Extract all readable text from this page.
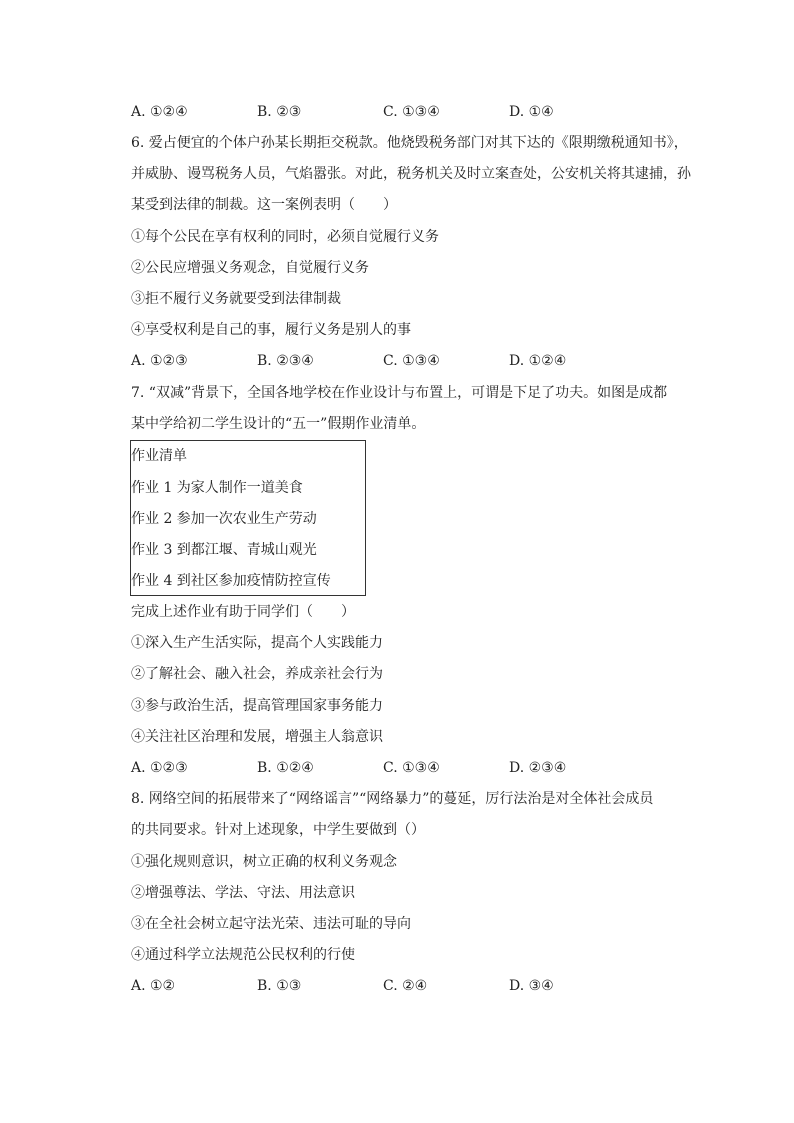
A. ①②④	B. ②③	C. ①③④	D. ①④
6. 爱占便宜的个体户孙某长期拒交税款。他烧毁税务部门对其下达的《限期缴税通知书》，
并威胁、谩骂税务人员，气焰嚣张。对此，税务机关及时立案查处，公安机关将其逮捕，孙
某受到法律的制裁。这一案例表明（　　）
①每个公民在享有权利的同时，必须自觉履行义务
②公民应增强义务观念，自觉履行义务
③拒不履行义务就要受到法律制裁
④享受权利是自己的事，履行义务是别人的事
A. ①②③	B. ②③④	C. ①③④	D. ①②④
7. “双减”背景下，全国各地学校在作业设计与布置上，可谓是下足了功夫。如图是成都
某中学给初二学生设计的“五一”假期作业清单。
作业清单
作业 1 为家人制作一道美食
作业 2 参加一次农业生产劳动
作业 3 到都江堰、青城山观光
作业 4 到社区参加疫情防控宣传
完成上述作业有助于同学们（　　）
①深入生产生活实际，提高个人实践能力
②了解社会、融入社会，养成亲社会行为
③参与政治生活，提高管理国家事务能力
④关注社区治理和发展，增强主人翁意识
A. ①②③	B. ①②④	C. ①③④	D. ②③④
8. 网络空间的拓展带来了“网络谣言”“网络暴力”的蔓延，厉行法治是对全体社会成员
的共同要求。针对上述现象，中学生要做到（）
①强化规则意识，树立正确的权利义务观念
②增强尊法、学法、守法、用法意识
③在全社会树立起守法光荣、违法可耻的导向
④通过科学立法规范公民权利的行使
A. ①②	B. ①③	C. ②④	D. ③④
